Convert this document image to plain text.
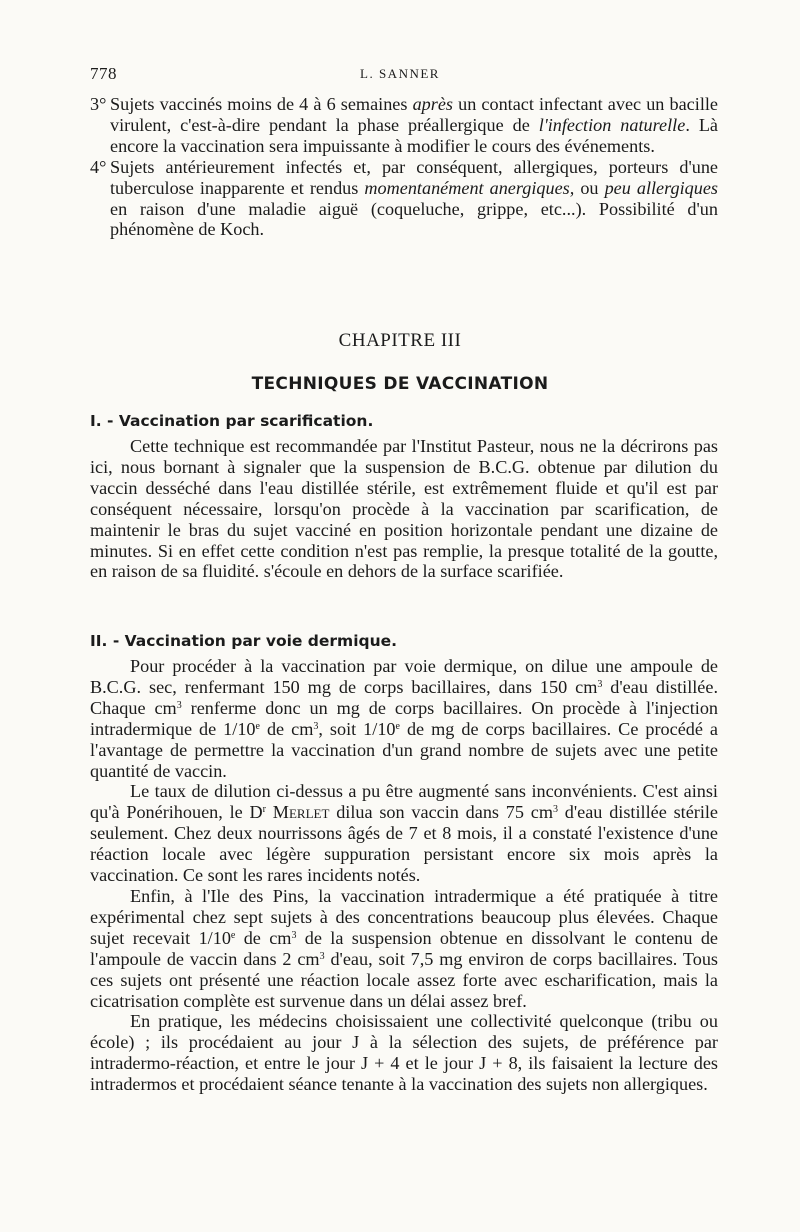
778	L. SANNER
3° Sujets vaccinés moins de 4 à 6 semaines après un contact infectant avec un bacille virulent, c'est-à-dire pendant la phase préallergique de l'infection naturelle. Là encore la vaccination sera impuissante à modifier le cours des événements.

4° Sujets antérieurement infectés et, par conséquent, allergiques, porteurs d'une tuberculose inapparente et rendus momentanément anergiques, ou peu allergiques en raison d'une maladie aiguë (coqueluche, grippe, etc...). Possibilité d'un phénomène de Koch.

CHAPITRE III
TECHNIQUES DE VACCINATION
I. - Vaccination par scarification.

Cette technique est recommandée par l'Institut Pasteur, nous ne la décrirons pas ici, nous bornant à signaler que la suspension de B.C.G. obtenue par dilution du vaccin desséché dans l'eau distillée stérile, est extrêmement fluide et qu'il est par conséquent nécessaire, lorsqu'on procède à la vaccination par scarification, de maintenir le bras du sujet vacciné en position horizontale pendant une dizaine de minutes. Si en effet cette condition n'est pas remplie, la presque totalité de la goutte, en raison de sa fluidité. s'écoule en dehors de la surface scarifiée.

II. - Vaccination par voie dermique.

Pour procéder à la vaccination par voie dermique, on dilue une ampoule de B.C.G. sec, renfermant 150 mg de corps bacillaires, dans 150 $cm^3$ d'eau distillée. Chaque $cm^3$ renferme donc un mg de corps bacillaires. On procède à l'injection intradermique de 1/10e de $cm^3$, soit 1/10e de mg de corps bacillaires. Ce procédé a l'avantage de permettre la vaccination d'un grand nombre de sujets avec une petite quantité de vaccin.

Le taux de dilution ci-dessus a pu être augmenté sans inconvénients. C'est ainsi qu'à Ponérihouen, le $D^r$ Merlet dilua son vaccin dans 75 $cm^3$ d'eau distillée stérile seulement. Chez deux nourrissons âgés de 7 et 8 mois, il a constaté l'existence d'une réaction locale avec légère suppuration persistant encore six mois après la vaccination. Ce sont les rares incidents notés.

Enfin, à l'Ile des Pins, la vaccination intradermique a été pratiquée à titre expérimental chez sept sujets à des concentrations beaucoup plus élevées. Chaque sujet recevait 1/10e de $cm^3$ de la suspension obtenue en dissolvant le contenu de l'ampoule de vaccin dans 2 $cm^3$ d'eau, soit 7,5 mg environ de corps bacillaires. Tous ces sujets ont présenté une réaction locale assez forte avec escharification, mais la cicatrisation complète est survenue dans un délai assez bref.

En pratique, les médecins choisissaient une collectivité quelconque (tribu ou école) ; ils procédaient au jour J à la sélection des sujets, de préférence par intradermo-réaction, et entre le jour J + 4 et le jour J + 8, ils faisaient la lecture des intradermos et procédaient séance tenante à la vaccination des sujets non allergiques.
